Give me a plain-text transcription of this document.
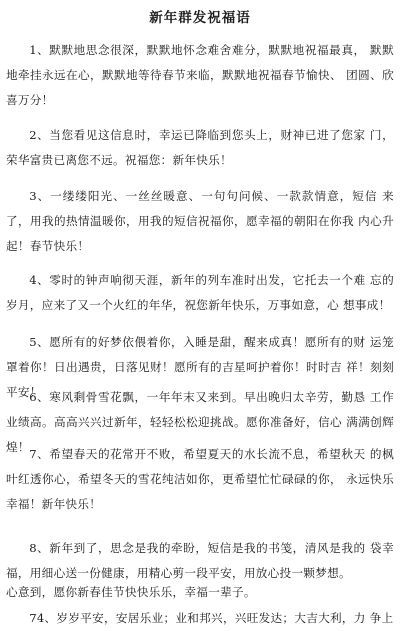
新年群发祝福语

1、默默地思念很深，默默地怀念难舍难分，默默地祝福最真， 默默地牵挂永远在心，默默地等待春节来临，默默地祝福春节愉快、 团圆、欣喜万分！

2、当您看见这信息时，幸运已降临到您头上，财神已进了您家 门，荣华富贵已离您不远。祝福您：新年快乐！

3、一缕缕阳光、一丝丝暖意、一句句问候、一款款情意，短信 来了，用我的热情温暖你，用我的短信祝福你，愿幸福的朝阳在你我 内心升起！春节快乐！

4、零时的钟声响彻天涯，新年的列车准时出发，它托去一个难 忘的岁月，应来了又一个火红的年华，祝您新年快乐，万事如意，心 想事成！

5、愿所有的好梦依偎着你，入睡是甜，醒来成真！愿所有的财 运笼罩着你！日出遇贵，日落见财！愿所有的吉星呵护着你！时时吉 祥！刻刻平安！

6、寒风剩骨雪花飘，一年年末又来到。早出晚归太辛劳，勤恳 工作业绩高。高高兴兴过新年，轻轻松松迎挑战。愿你准备好，信心 满满创辉煌！ 7、希望春天的花常开不败，希望夏天的水长流不息，希望秋天 的枫叶红透你心，希望冬天的雪花纯洁如你，更希望忙忙碌碌的你， 永远快乐幸福！新年快乐！

8、新年到了，思念是我的牵盼，短信是我的书笺，清风是我的 袋幸福，用细心送一份健康，用精心剪一段平安，用放心投一颗梦想。

心意到，愿你新春佳节快快乐乐，幸福一辈子。

74、岁岁平安，安居乐业；业和邦兴，兴旺发达；大吉大利，力 争上
